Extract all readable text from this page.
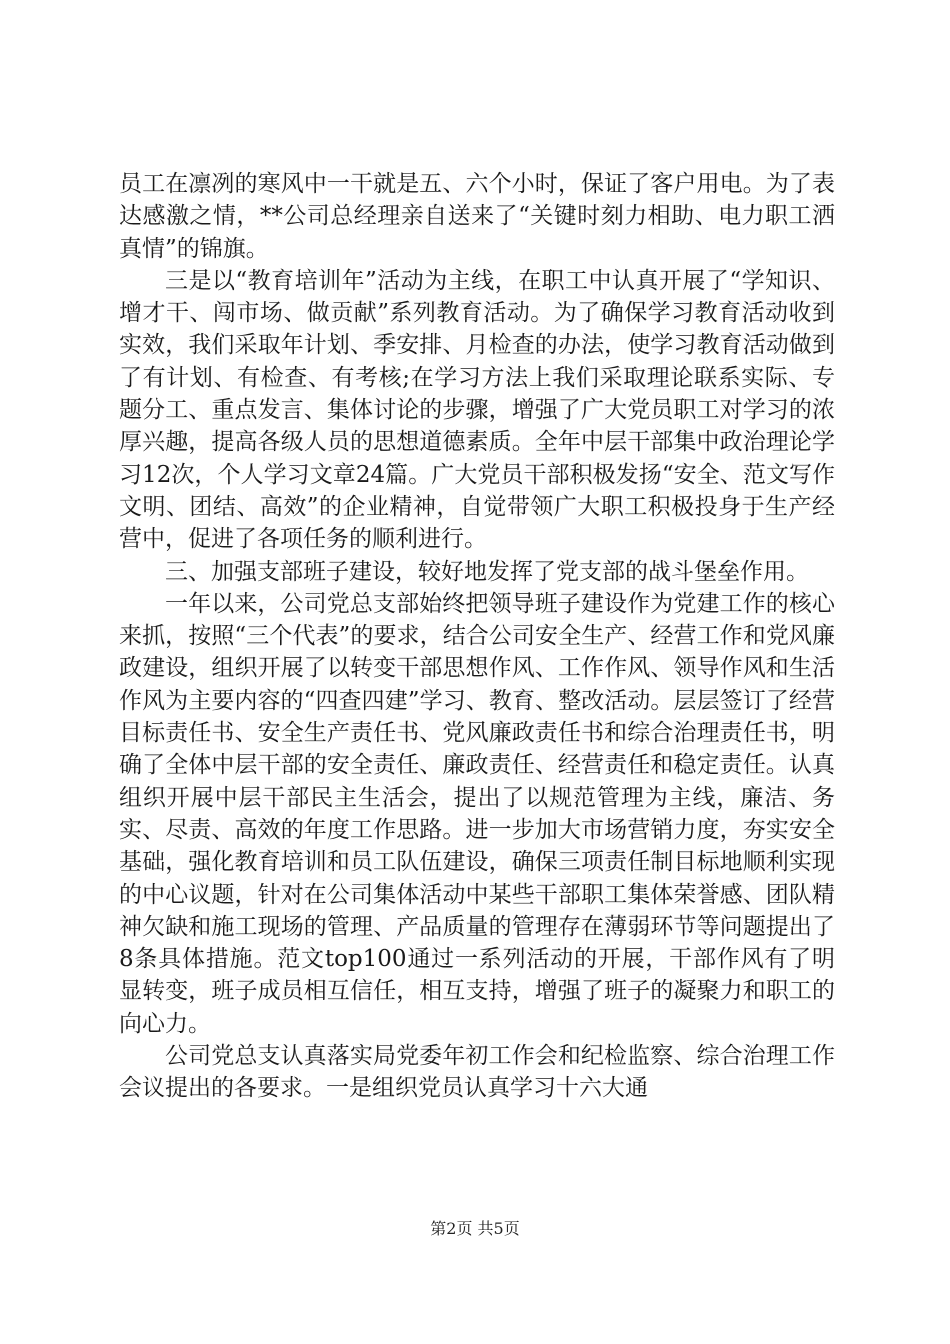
员工在凛冽的寒风中一干就是五、六个小时，保证了客户用电。为了表达感激之情，**公司总经理亲自送来了“关键时刻力相助、电力职工洒真情”的锦旗。

三是以“教育培训年”活动为主线，在职工中认真开展了“学知识、增才干、闯市场、做贡献”系列教育活动。为了确保学习教育活动收到实效，我们采取年计划、季安排、月检查的办法，使学习教育活动做到了有计划、有检查、有考核;在学习方法上我们采取理论联系实际、专题分工、重点发言、集体讨论的步骤，增强了广大党员职工对学习的浓厚兴趣，提高各级人员的思想道德素质。全年中层干部集中政治理论学习12次，个人学习文章24篇。广大党员干部积极发扬“安全、范文写作文明、团结、高效”的企业精神，自觉带领广大职工积极投身于生产经营中，促进了各项任务的顺利进行。

三、加强支部班子建设，较好地发挥了党支部的战斗堡垒作用。

一年以来，公司党总支部始终把领导班子建设作为党建工作的核心来抓，按照“三个代表”的要求，结合公司安全生产、经营工作和党风廉政建设，组织开展了以转变干部思想作风、工作作风、领导作风和生活作风为主要内容的“四查四建”学习、教育、整改活动。层层签订了经营目标责任书、安全生产责任书、党风廉政责任书和综合治理责任书，明确了全体中层干部的安全责任、廉政责任、经营责任和稳定责任。认真组织开展中层干部民主生活会，提出了以规范管理为主线，廉洁、务实、尽责、高效的年度工作思路。进一步加大市场营销力度，夯实安全基础，强化教育培训和员工队伍建设，确保三项责任制目标地顺利实现的中心议题，针对在公司集体活动中某些干部职工集体荣誉感、团队精神欠缺和施工现场的管理、产品质量的管理存在薄弱环节等问题提出了8条具体措施。范文top100通过一系列活动的开展，干部作风有了明显转变，班子成员相互信任，相互支持，增强了班子的凝聚力和职工的向心力。

公司党总支认真落实局党委年初工作会和纪检监察、综合治理工作会议提出的各要求。一是组织党员认真学习十六大通

第2页 共5页
